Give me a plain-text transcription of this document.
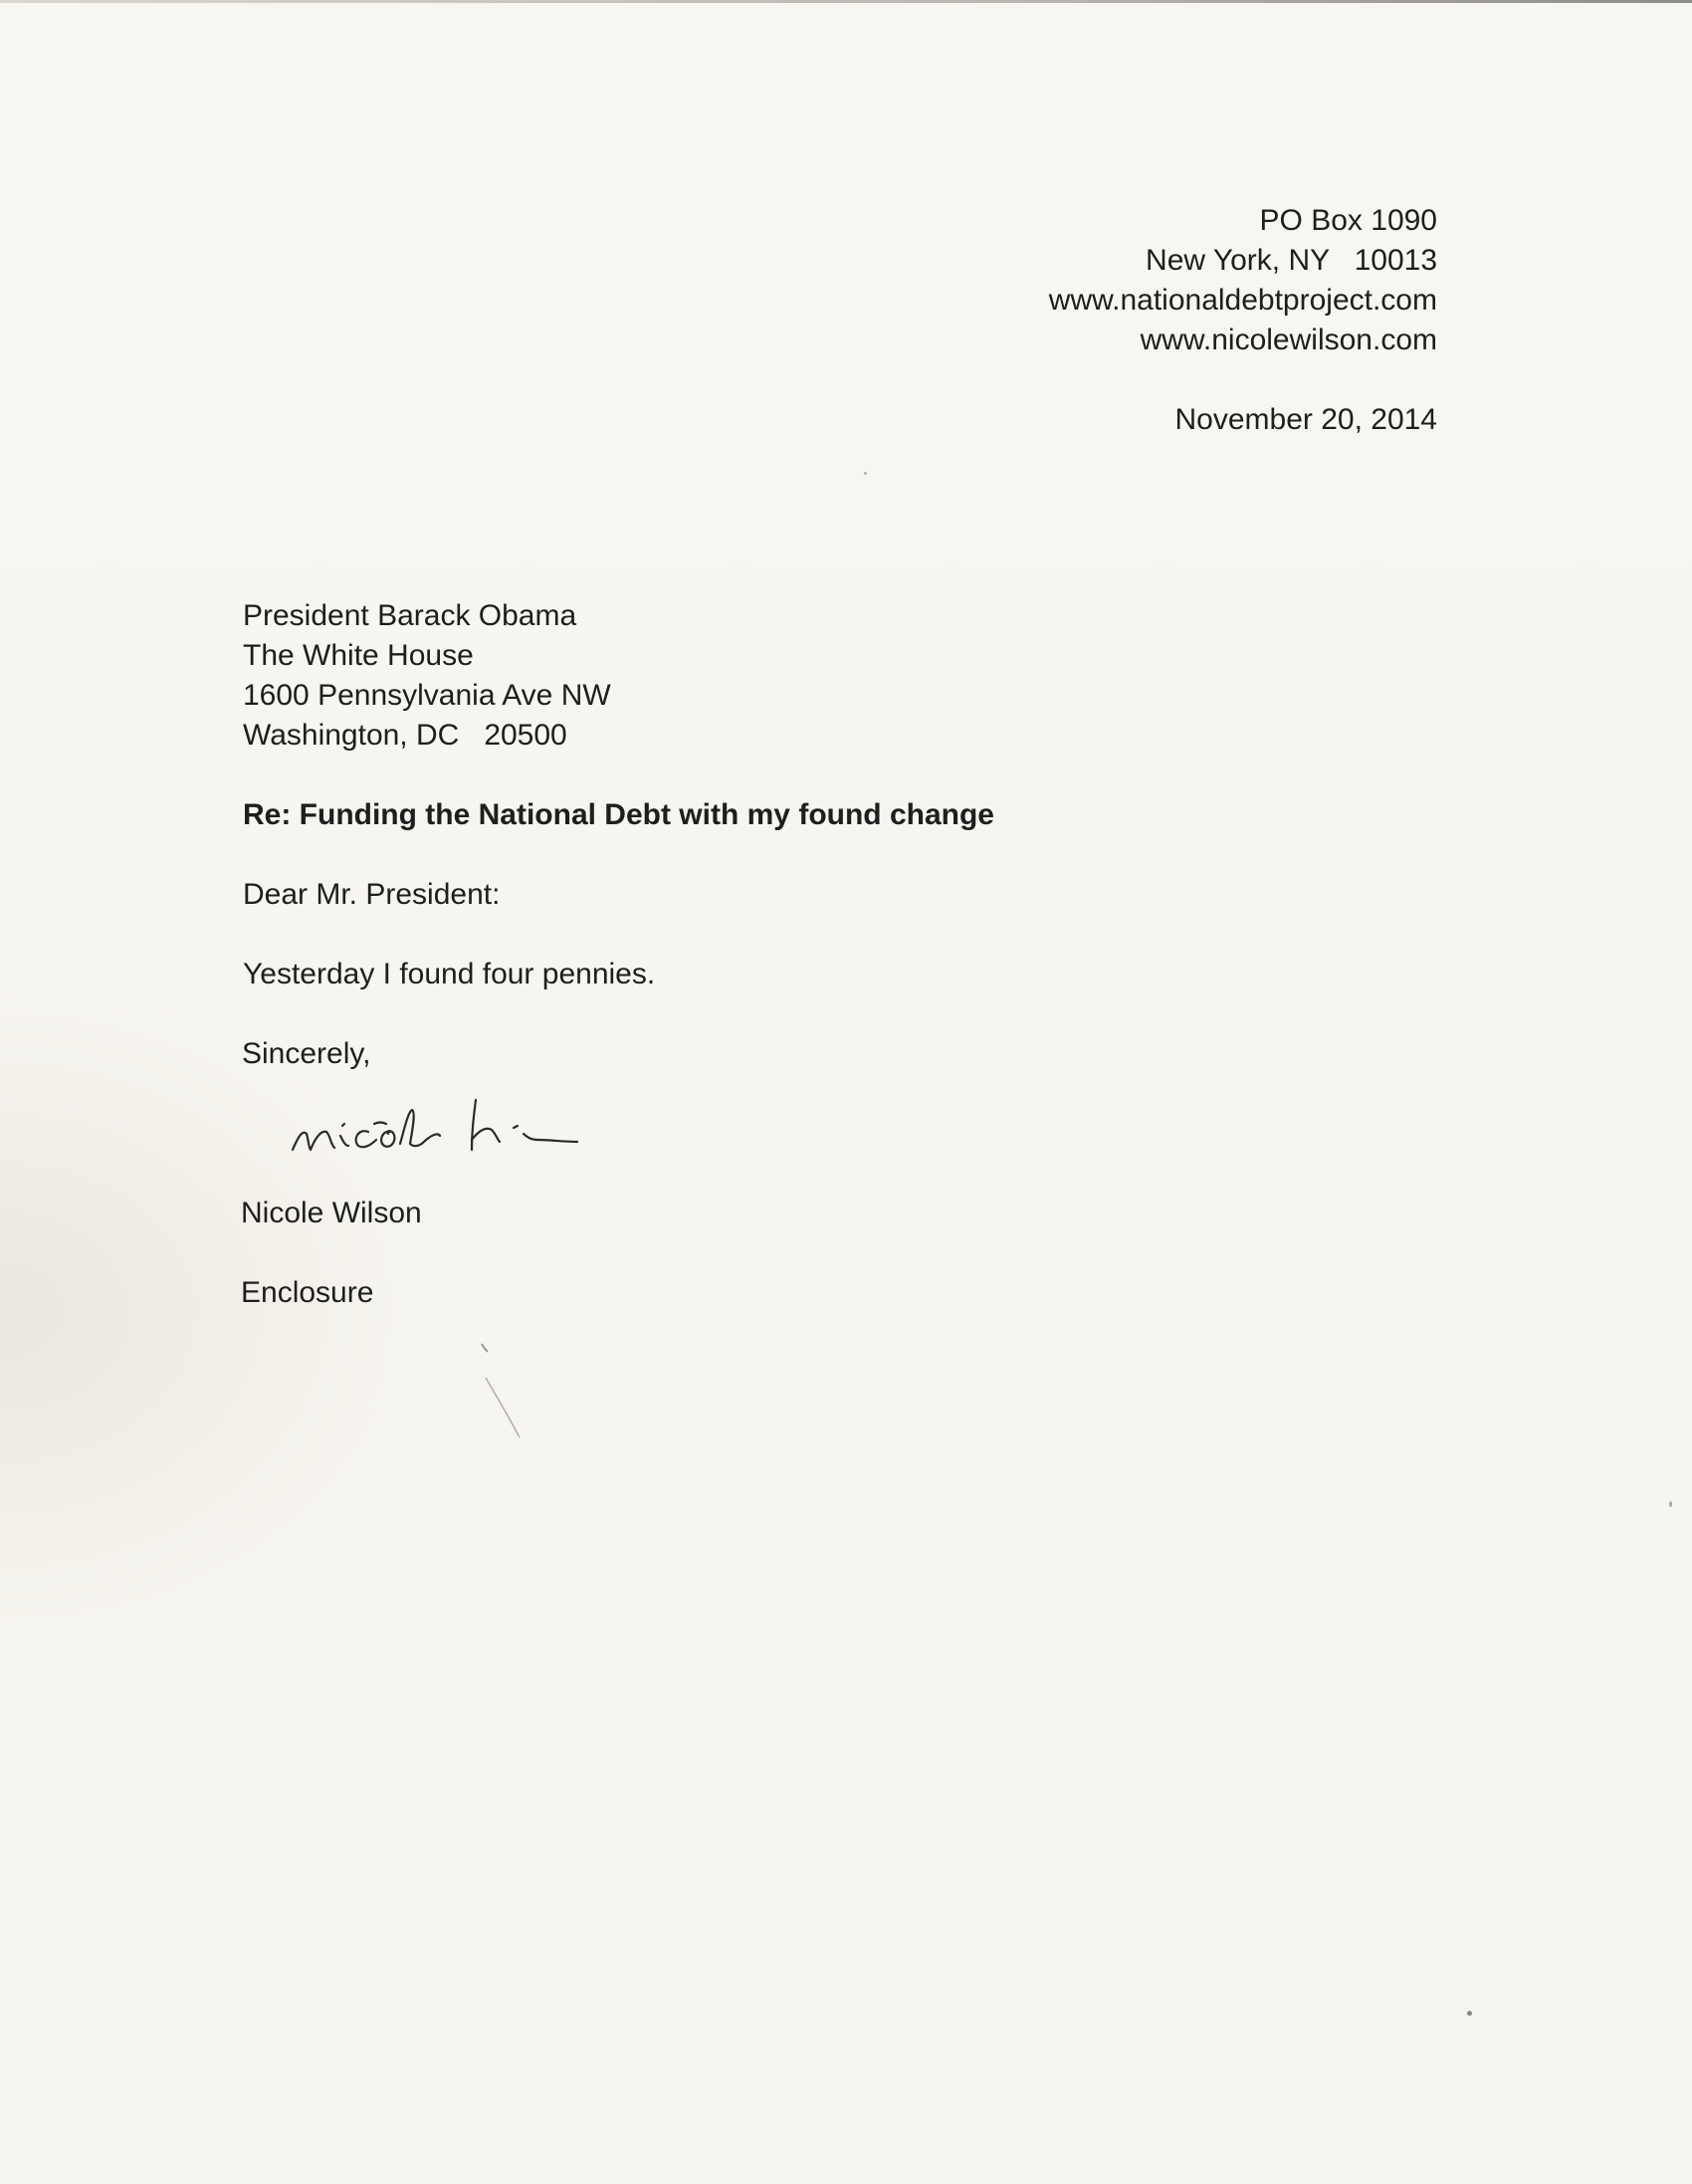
PO Box 1090
New York, NY   10013
www.nationaldebtproject.com
www.nicolewilson.com
November 20, 2014
President Barack Obama
The White House
1600 Pennsylvania Ave NW
Washington, DC   20500
Re: Funding the National Debt with my found change
Dear Mr. President:
Yesterday I found four pennies.
Sincerely,
Nicole Wilson
Enclosure
